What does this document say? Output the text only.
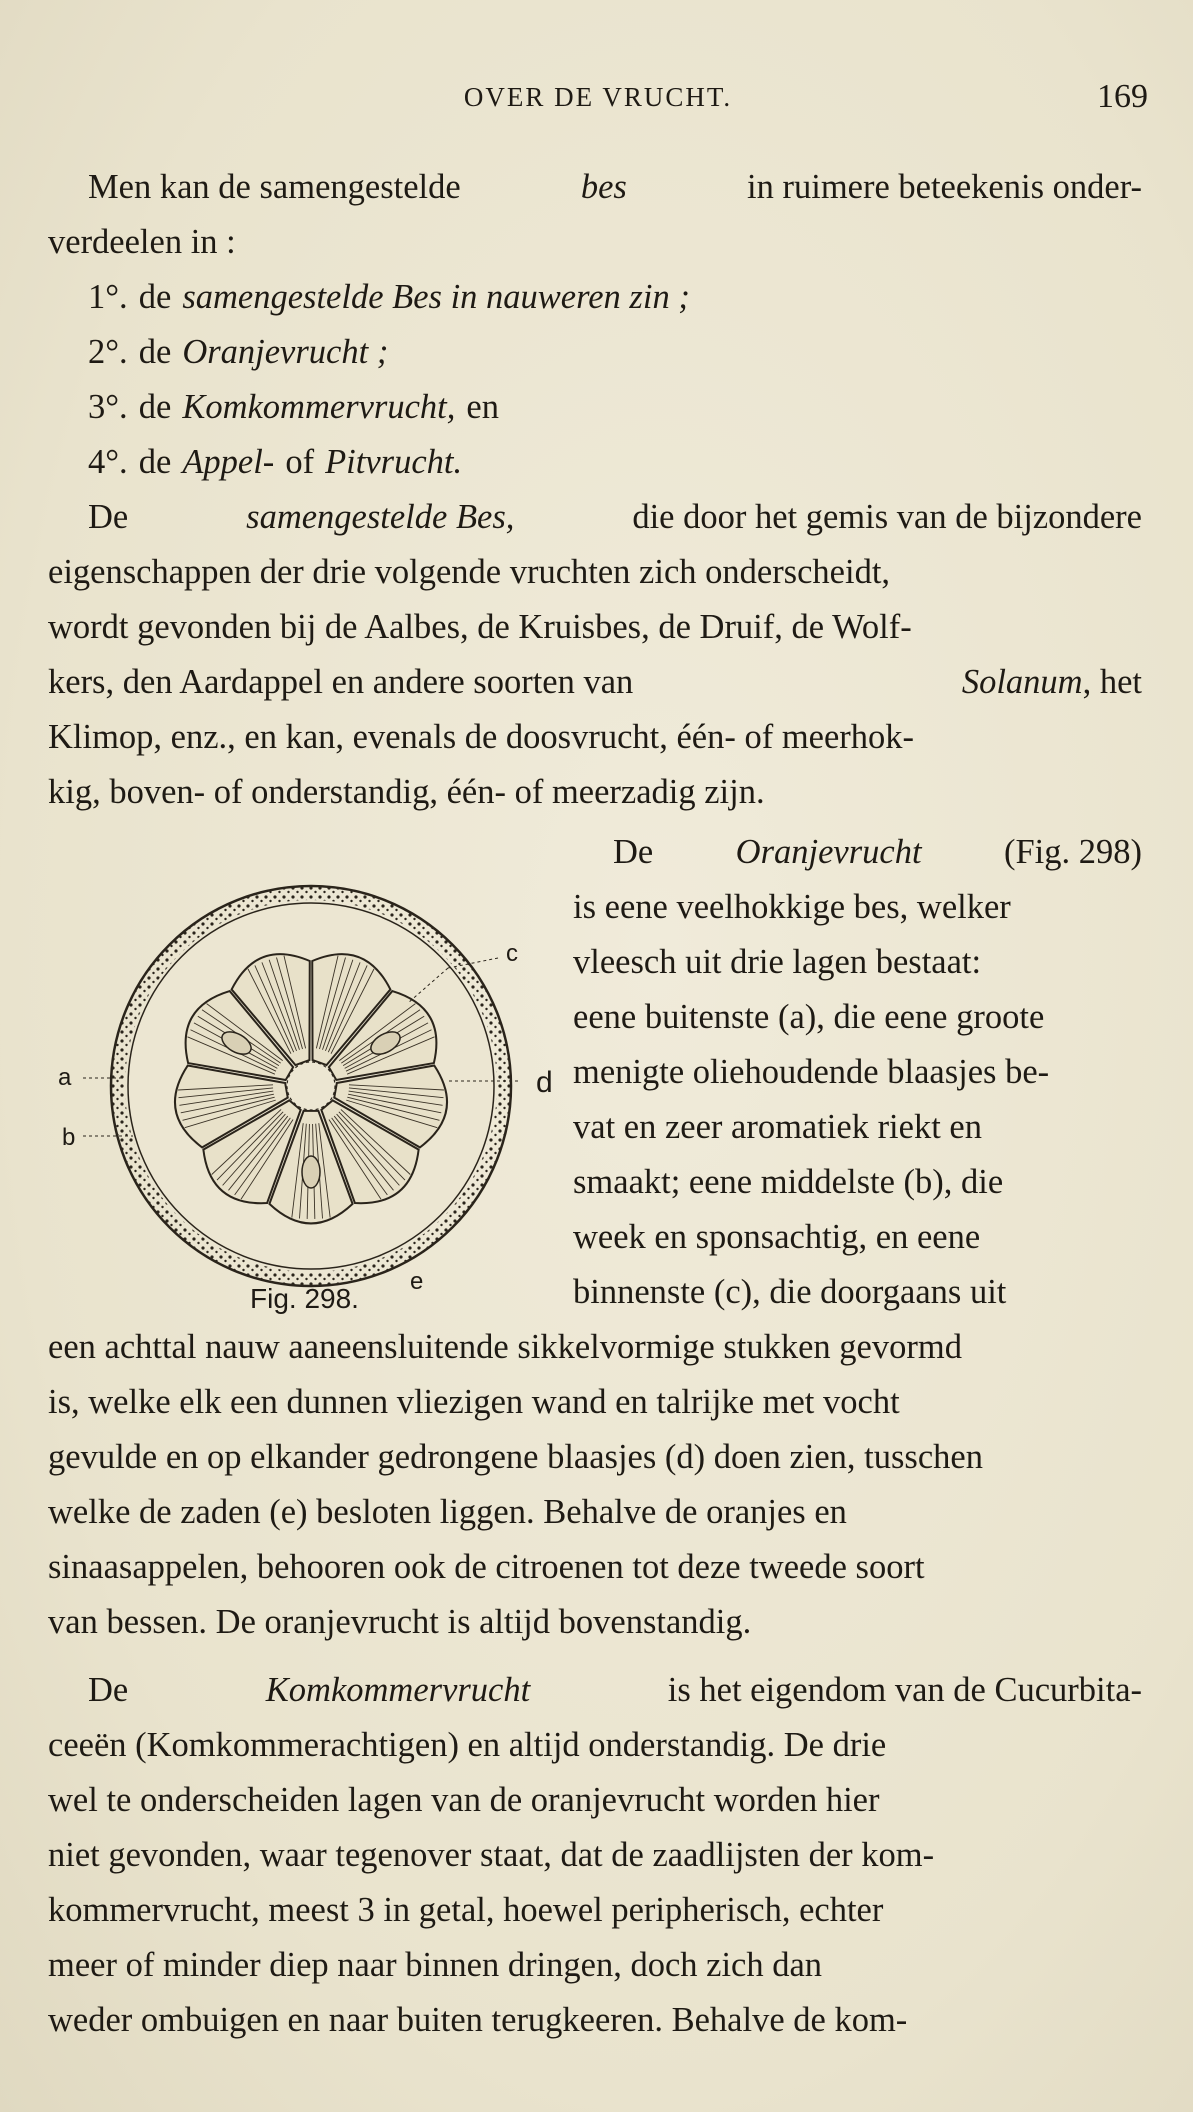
OVER DE VRUCHT.	169
Men kan de samengestelde	bes	in ruimere beteekenis onder-
verdeelen in :
1°. de samengestelde Bes in nauweren zin ;
2°. de Oranjevrucht ;
3°. de Komkommervrucht, en
4°. de Appel- of Pitvrucht.
De	samengestelde Bes,	die door het gemis van de bijzondere
eigenschappen der drie volgende vruchten zich onderscheidt,
wordt gevonden bij de Aalbes, de Kruisbes, de Druif, de Wolf-
kers, den Aardappel en andere soorten van	Solanum, het
Klimop, enz., en kan, evenals de doosvrucht, één- of meerhok-
kig, boven- of onderstandig, één- of meerzadig zijn.
De Oranjevrucht (Fig. 298)
is eene veelhokkige bes, welker
vleesch uit drie lagen bestaat:
eene buitenste (a), die eene groote
menigte oliehoudende blaasjes be-
vat en zeer aromatiek riekt en
smaakt; eene middelste (b), die
week en sponsachtig, en eene
binnenste (c), die doorgaans uit
a
b
c
d
e
Fig. 298.
een achttal nauw aaneensluitende sikkelvormige stukken gevormd
is, welke elk een dunnen vliezigen wand en talrijke met vocht
gevulde en op elkander gedrongene blaasjes (d) doen zien, tusschen
welke de zaden (e) besloten liggen. Behalve de oranjes en
sinaasappelen, behooren ook de citroenen tot deze tweede soort
van bessen. De oranjevrucht is altijd bovenstandig.
De	Komkommervrucht	is het eigendom van de Cucurbita-
ceeën (Komkommerachtigen) en altijd onderstandig. De drie
wel te onderscheiden lagen van de oranjevrucht worden hier
niet gevonden, waar tegenover staat, dat de zaadlijsten der kom-
kommervrucht, meest 3 in getal, hoewel peripherisch, echter
meer of minder diep naar binnen dringen, doch zich dan
weder ombuigen en naar buiten terugkeeren. Behalve de kom-
